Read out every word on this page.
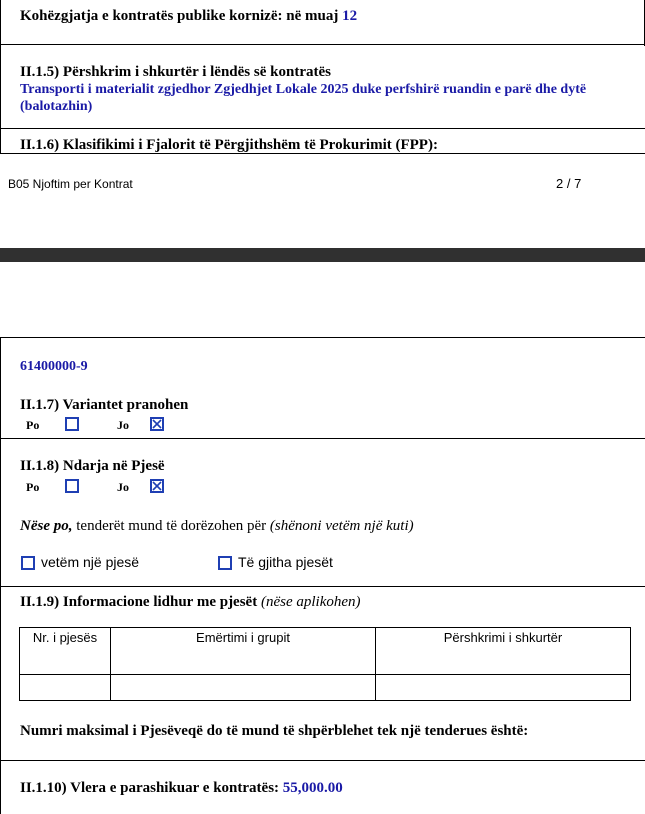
Kohëzgjatja e kontratës publike kornizë: në muaj 12
II.1.5) Përshkrim i shkurtër i lëndës së kontratës
Transporti i materialit zgjedhor Zgjedhjet Lokale 2025 duke perfshirë ruandin e parë dhe dytë
(balotazhin)
II.1.6) Klasifikimi i Fjalorit të Përgjithshëm të Prokurimit (FPP):
B05 Njoftim per Kontrat	2 / 7
61400000-9
II.1.7) Variantet pranohen
Po	Jo
II.1.8) Ndarja në Pjesë
Po	Jo
Nëse po, tenderët mund të dorëzohen për (shënoni vetëm një kuti)
vetëm një pjesë	Të gjitha pjesët
II.1.9) Informacione lidhur me pjesët (nëse aplikohen)
Nr. i pjesës	Emërtimi i grupit	Përshkrimi i shkurtër

Numri maksimal i Pjesëveqë do të mund të shpërblehet tek një tenderues është:
II.1.10) Vlera e parashikuar e kontratës: 55,000.00
